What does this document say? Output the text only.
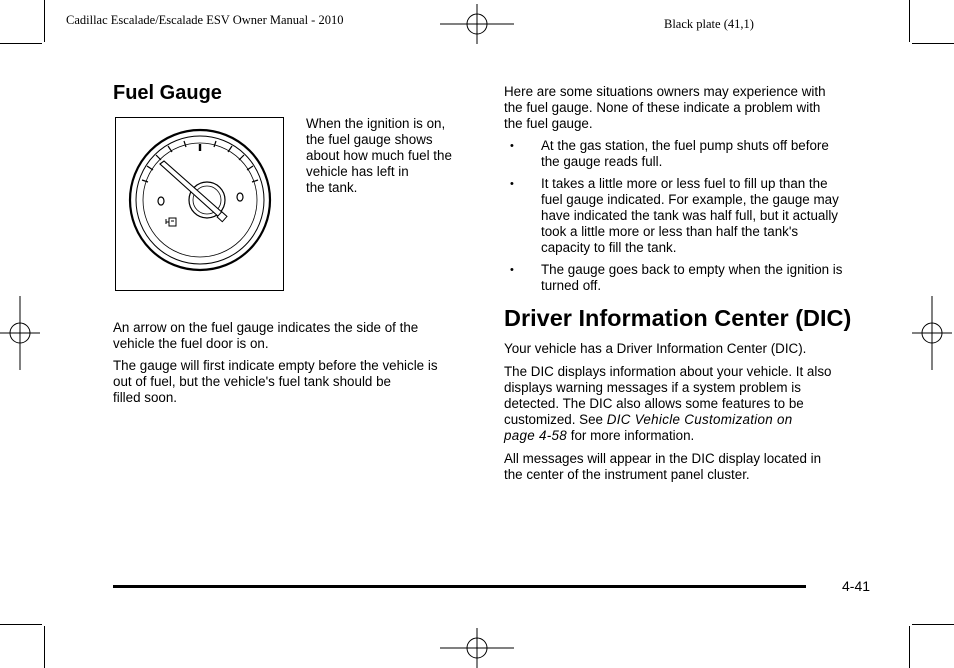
Cadillac Escalade/Escalade ESV Owner Manual - 2010	Black plate (41,1)
Fuel Gauge
When the ignition is on,
the fuel gauge shows
about how much fuel the
vehicle has left in
the tank.
An arrow on the fuel gauge indicates the side of the
vehicle the fuel door is on.
The gauge will first indicate empty before the vehicle is
out of fuel, but the vehicle's fuel tank should be
filled soon.
Here are some situations owners may experience with
the fuel gauge. None of these indicate a problem with
the fuel gauge.
• At the gas station, the fuel pump shuts off before
the gauge reads full.
• It takes a little more or less fuel to fill up than the
fuel gauge indicated. For example, the gauge may
have indicated the tank was half full, but it actually
took a little more or less than half the tank's
capacity to fill the tank.
• The gauge goes back to empty when the ignition is
turned off.
Driver Information Center (DIC)
Your vehicle has a Driver Information Center (DIC).
The DIC displays information about your vehicle. It also
displays warning messages if a system problem is
detected. The DIC also allows some features to be
customized. See DIC Vehicle Customization on
page 4-58 for more information.
All messages will appear in the DIC display located in
the center of the instrument panel cluster.
4-41
